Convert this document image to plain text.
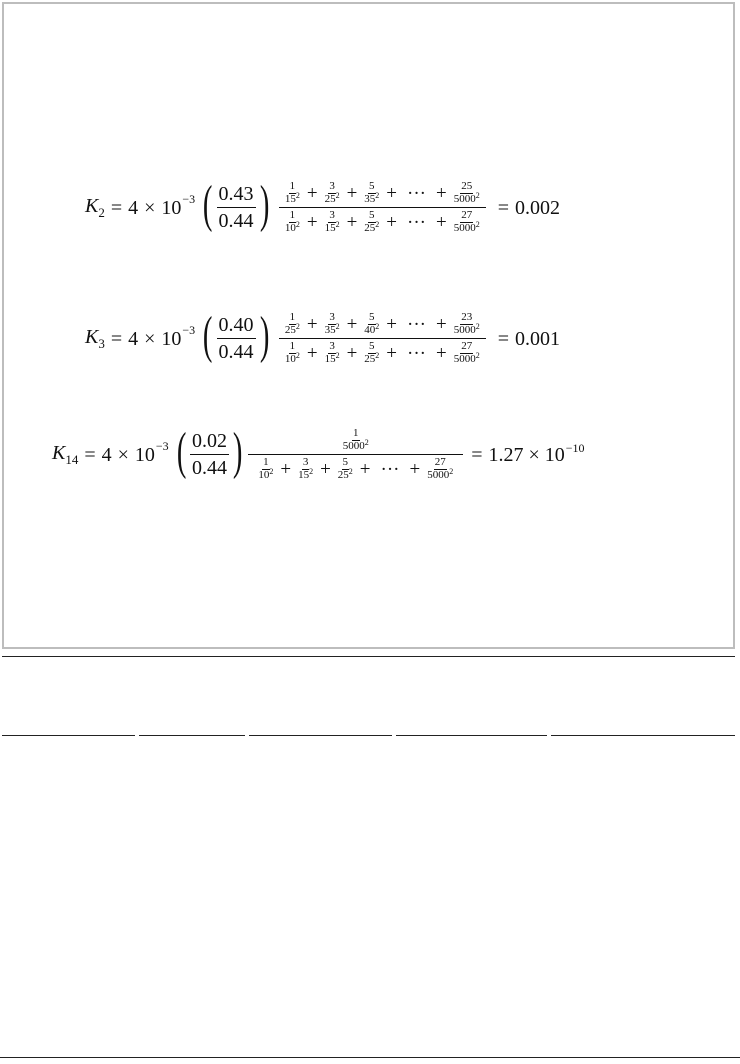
$K_2 = 4 \times 10 -3$ ( $\frac{0.43}{0.44}$ ) 1
$15^2 + \frac{3}{25^2} + \frac{5}{35^2}$ + ··· + $\frac{25}{5000^2}$
1
$10^2 + \frac{3}{15^2} + \frac{5}{25^2}$ + ··· + $\frac{27}{5000^2}$
= 0.002
$K_3 = 4 \times 10 -3$ ( $\frac{0.40}{0.44}$ ) 1
$25^2 + \frac{3}{35^2} + \frac{5}{40^2}$ + ··· + $\frac{23}{5000^2}$
1
$10^2 + \frac{3}{15^2} + \frac{5}{25^2}$ + ··· + $\frac{27}{5000^2}$
= 0.001
$K_{14} = 4 \times 10 -3$ ( $\frac{0.02}{0.44}$ )	1
5000$^2$
1
$10^2 + \frac{3}{15^2} + \frac{5}{25^2}$ + ··· + $\frac{27}{5000^2}$
= $1.27 \times 10^{-10}$
